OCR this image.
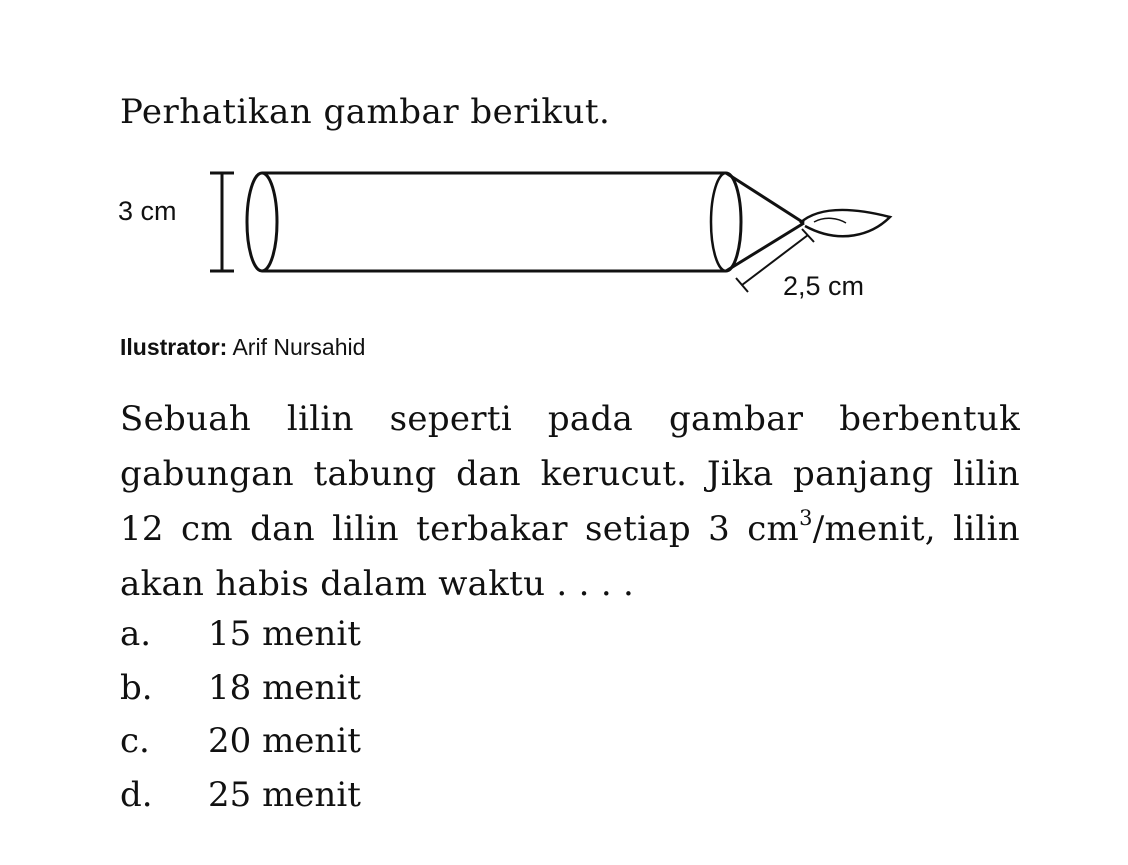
Perhatikan gambar berikut.
3 cm
2,5 cm
Ilustrator: Arif Nursahid
Sebuah lilin seperti pada gambar berbentuk gabungan tabung dan kerucut. Jika panjang lilin 12 cm dan lilin terbakar setiap 3 $cm^3$/menit, lilin akan habis dalam waktu . . . .
a.	15 menit
b.	18 menit
c.	20 menit
d.	25 menit
